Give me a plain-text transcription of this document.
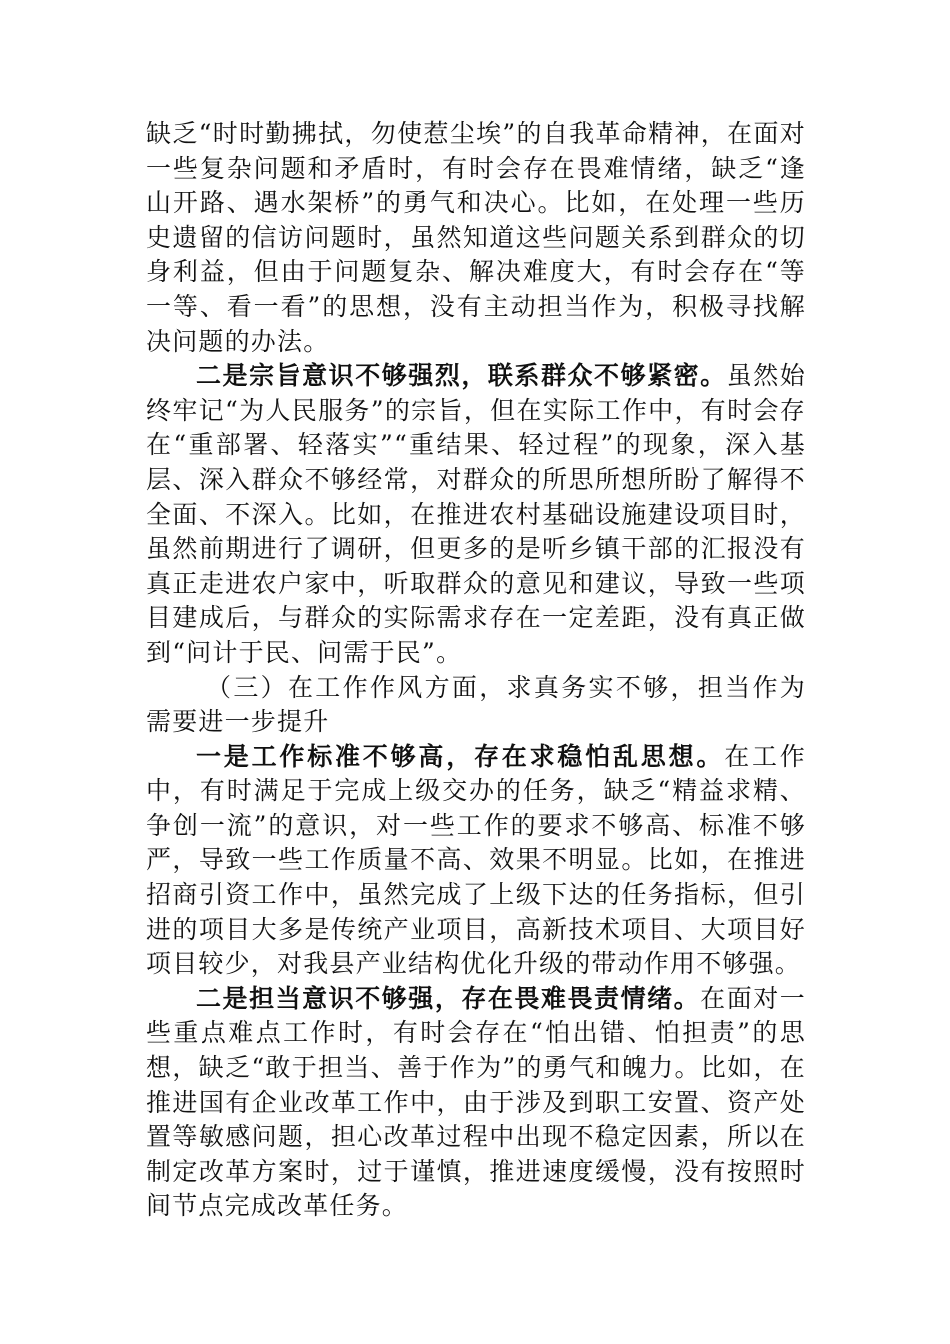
缺乏“时时勤拂拭，勿使惹尘埃”的自我革命精神，在面对一些复杂问题和矛盾时，有时会存在畏难情绪，缺乏“逢山开路、遇水架桥”的勇气和决心。比如，在处理一些历史遗留的信访问题时，虽然知道这些问题关系到群众的切身利益，但由于问题复杂、解决难度大，有时会存在“等一等、看一看”的思想，没有主动担当作为，积极寻找解决问题的办法。

二是宗旨意识不够强烈，联系群众不够紧密。虽然始终牢记“为人民服务”的宗旨，但在实际工作中，有时会存在“重部署、轻落实”“重结果、轻过程”的现象，深入基层、深入群众不够经常，对群众的所思所想所盼了解得不全面、不深入。比如，在推进农村基础设施建设项目时，虽然前期进行了调研，但更多的是听乡镇干部的汇报没有真正走进农户家中，听取群众的意见和建议，导致一些项目建成后，与群众的实际需求存在一定差距，没有真正做到“问计于民、问需于民”。

（三）在工作作风方面，求真务实不够，担当作为需要进一步提升

一是工作标准不够高，存在求稳怕乱思想。在工作中，有时满足于完成上级交办的任务，缺乏“精益求精、争创一流”的意识，对一些工作的要求不够高、标准不够严，导致一些工作质量不高、效果不明显。比如，在推进招商引资工作中，虽然完成了上级下达的任务指标，但引进的项目大多是传统产业项目，高新技术项目、大项目好项目较少，对我县产业结构优化升级的带动作用不够强。

二是担当意识不够强，存在畏难畏责情绪。在面对一些重点难点工作时，有时会存在“怕出错、怕担责”的思想，缺乏“敢于担当、善于作为”的勇气和魄力。比如，在推进国有企业改革工作中，由于涉及到职工安置、资产处置等敏感问题，担心改革过程中出现不稳定因素，所以在制定改革方案时，过于谨慎，推进速度缓慢，没有按照时间节点完成改革任务。
